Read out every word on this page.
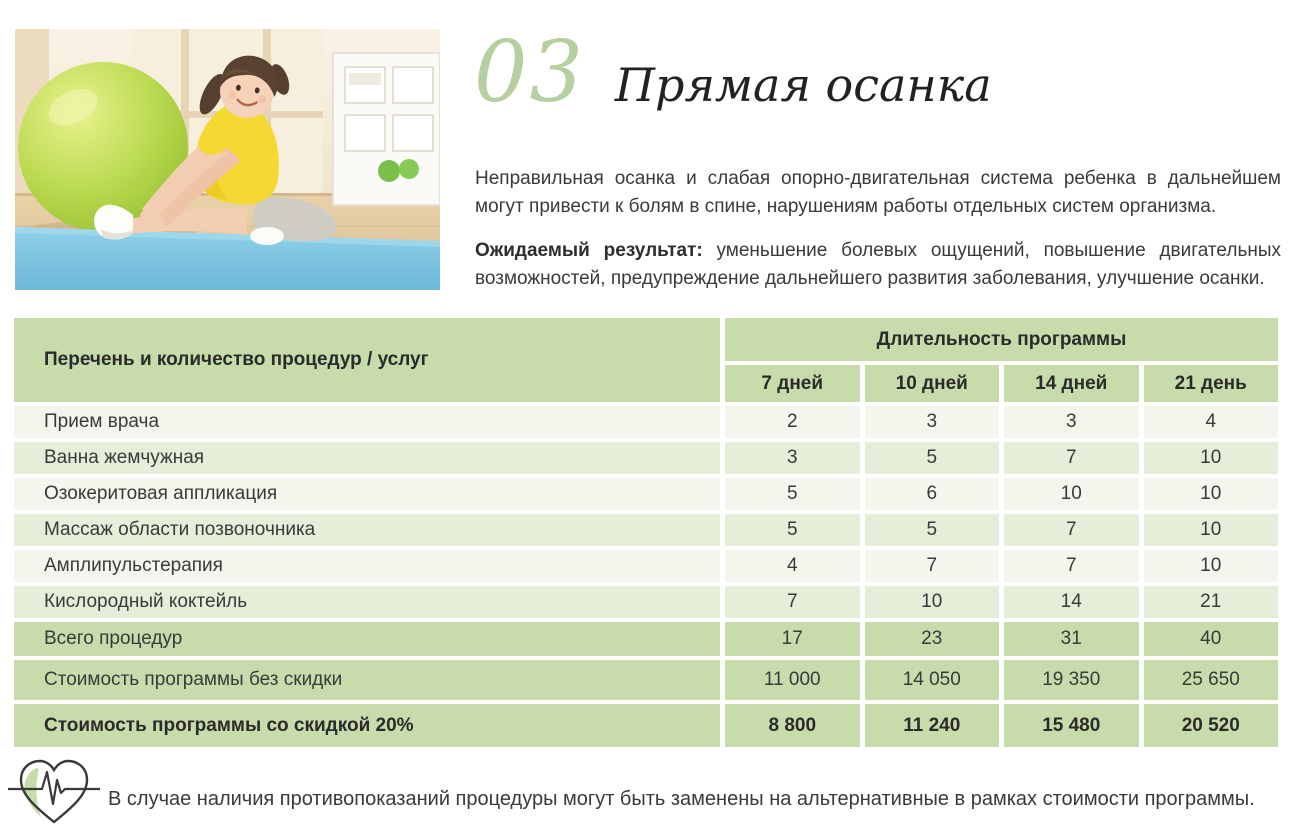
03 Прямая осанка

Неправильная осанка и слабая опорно-двигательная система ребенка в дальнейшем могут привести к болям в спине, нарушениям работы отдельных систем организма.

Ожидаемый результат: уменьшение болевых ощущений, повышение двигательных возможностей, предупреждение дальнейшего развития заболевания, улучшение осанки.

Перечень и количество процедур / услуг
Длительность программы
7 дней	10 дней	14 дней	21 день
Прием врача	2	3	3	4
Ванна жемчужная	3	5	7	10
Озокеритовая аппликация	5	6	10	10
Массаж области позвоночника	5	5	7	10
Амплипульстерапия	4	7	7	10
Кислородный коктейль	7	10	14	21
Всего процедур	17	23	31	40
Стоимость программы без скидки	11 000	14 050	19 350	25 650
Стоимость программы со скидкой 20%	8 800	11 240	15 480	20 520
В случае наличия противопоказаний процедуры могут быть заменены на альтернативные в рамках стоимости программы.
